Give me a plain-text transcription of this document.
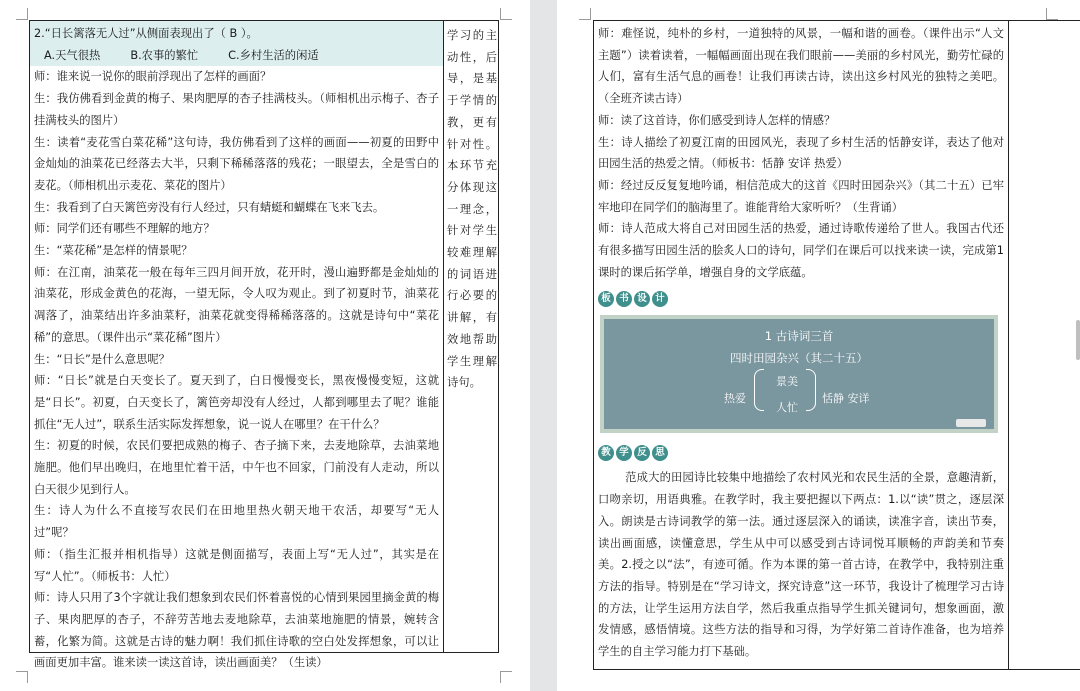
2.“日长篱落无人过”从侧面表现出了（ B ）。
A.天气很热	B.农事的繁忙	C.乡村生活的闲适
师：谁来说一说你的眼前浮现出了怎样的画面？
生：我仿佛看到金黄的梅子、果肉肥厚的杏子挂满枝头。（师相机出示梅子、杏子挂满枝头的图片）
生：读着“麦花雪白菜花稀”这句诗，我仿佛看到了这样的画面——初夏的田野中金灿灿的油菜花已经落去大半，只剩下稀稀落落的残花；一眼望去，全是雪白的麦花。（师相机出示麦花、菜花的图片）
生：我看到了白天篱笆旁没有行人经过，只有蜻蜓和蝴蝶在飞来飞去。
师：同学们还有哪些不理解的地方？
生：“菜花稀”是怎样的情景呢？
师：在江南，油菜花一般在每年三四月间开放，花开时，漫山遍野都是金灿灿的油菜花，形成金黄色的花海，一望无际，令人叹为观止。到了初夏时节，油菜花凋落了，油菜结出许多油菜籽，油菜花就变得稀稀落落的。这就是诗句中“菜花稀”的意思。（课件出示“菜花稀”图片）
生：“日长”是什么意思呢？
师：“日长”就是白天变长了。夏天到了，白日慢慢变长，黑夜慢慢变短，这就是“日长”。初夏，白天变长了，篱笆旁却没有人经过，人都到哪里去了呢？谁能抓住“无人过”，联系生活实际发挥想象，说一说人在哪里？在干什么？
生：初夏的时候，农民们要把成熟的梅子、杏子摘下来，去麦地除草，去油菜地施肥。他们早出晚归，在地里忙着干活，中午也不回家，门前没有人走动，所以白天很少见到行人。
生：诗人为什么不直接写农民们在田地里热火朝天地干农活，却要写“无人过”呢？
师：（指生汇报并相机指导）这就是侧面描写，表面上写“无人过”，其实是在写“人忙”。（师板书：人忙）
师：诗人只用了3个字就让我们想象到农民们怀着喜悦的心情到果园里摘金黄的梅子、果肉肥厚的杏子，不辞劳苦地去麦地除草，去油菜地施肥的情景，婉转含蓄，化繁为简。这就是古诗的魅力啊！我们抓住诗歌的空白处发挥想象，可以让画面更加丰富。谁来读一读这首诗，读出画面美？（生读）
学习的主动性，后导，是基于学情的教，更有针对性。本环节充分体现这一理念，针对学生较难理解的词语进行必要的讲解，有效地帮助学生理解诗句。
师：难怪说，纯朴的乡村，一道独特的风景，一幅和谐的画卷。（课件出示“人文主题”）读着读着，一幅幅画面出现在我们眼前——美丽的乡村风光，勤劳忙碌的人们，富有生活气息的画卷！让我们再读古诗，读出这乡村风光的独特之美吧。（全班齐读古诗）
师：读了这首诗，你们感受到诗人怎样的情感？
生：诗人描绘了初夏江南的田园风光，表现了乡村生活的恬静安详，表达了他对田园生活的热爱之情。（师板书：恬静 安详 热爱）
师：经过反反复复地吟诵，相信范成大的这首《四时田园杂兴》（其二十五）已牢牢地印在同学们的脑海里了。谁能背给大家听听？（生背诵）
师：诗人范成大将自己对田园生活的热爱，通过诗歌传递给了世人。我国古代还有很多描写田园生活的脍炙人口的诗句，同学们在课后可以找来读一读，完成第1课时的课后拓学单，增强自身的文学底蕴。
板 书 设 计
1 古诗词三首
四时田园杂兴（其二十五）
热爱
景美
人忙
恬静 安详
教 学 反 思
范成大的田园诗比较集中地描绘了农村风光和农民生活的全景，意趣清新，口吻亲切，用语典雅。在教学时，我主要把握以下两点：1.以“读”贯之，逐层深入。朗读是古诗词教学的第一法。通过逐层深入的诵读，读准字音，读出节奏，读出画面感，读懂意思，学生从中可以感受到古诗词悦耳顺畅的声韵美和节奏美。2.授之以“法”，有迹可循。作为本课的第一首古诗，在教学中，我特别注重方法的指导。特别是在“学习诗文，探究诗意”这一环节，我设计了梳理学习古诗的方法，让学生运用方法自学，然后我重点指导学生抓关键词句，想象画面，激发情感，感悟情境。这些方法的指导和习得，为学好第二首诗作准备，也为培养学生的自主学习能力打下基础。
